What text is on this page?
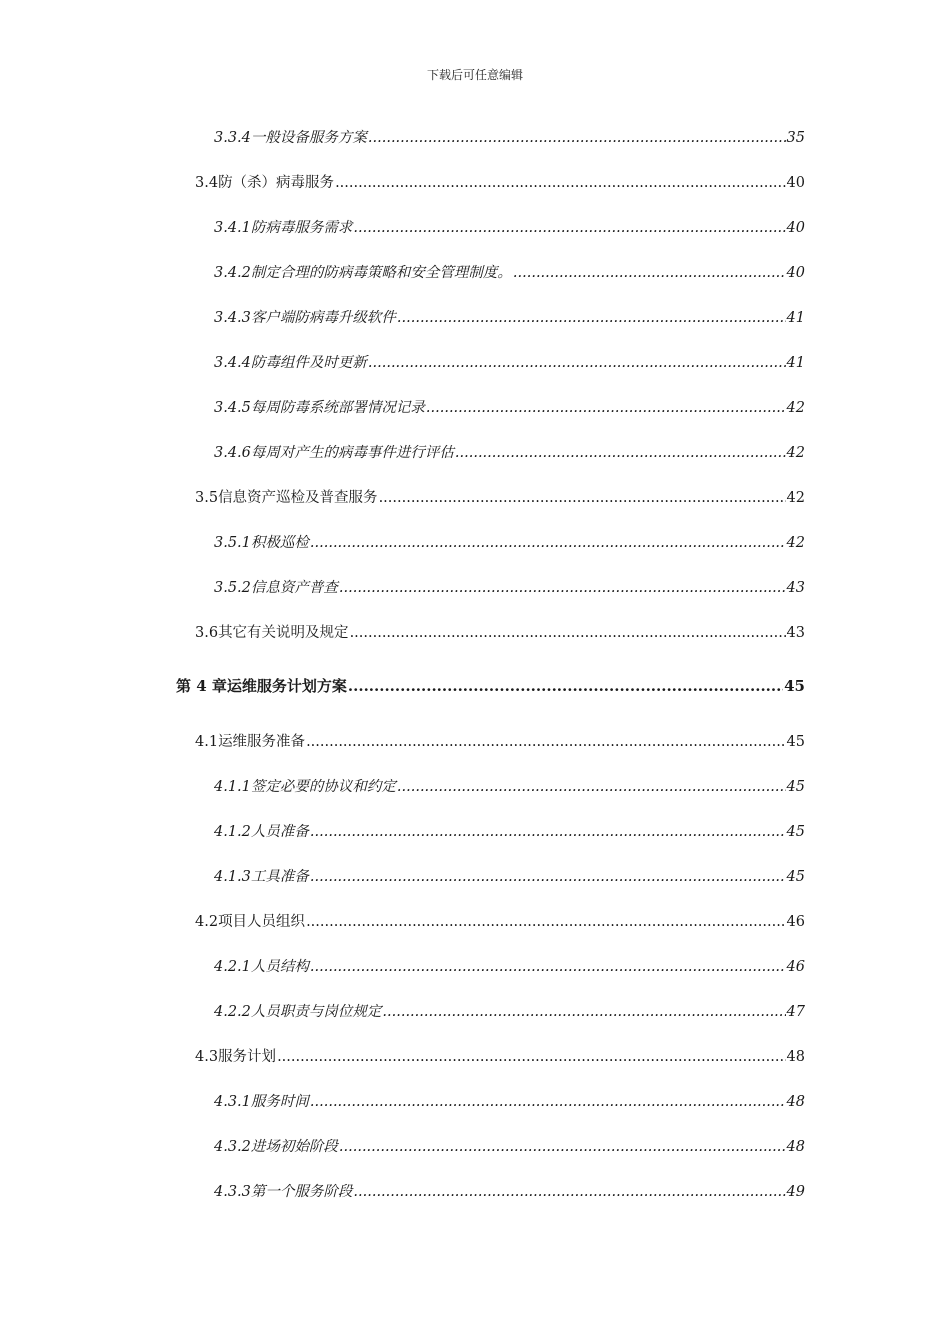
下载后可任意编辑
3.3.4 一般设备服务方案 .....	35
3.4 防（杀）病毒服务 .....	40
3.4.1 防病毒服务需求 .....	40
3.4.2 制定合理的防病毒策略和安全管理制度。 .....	40
3.4.3 客户端防病毒升级软件 .....	41
3.4.4 防毒组件及时更新 .....	41
3.4.5 每周防毒系统部署情况记录 .....	42
3.4.6 每周对产生的病毒事件进行评估 .....	42
3.5 信息资产巡检及普查服务 .....	42
3.5.1 积极巡检 .....	42
3.5.2 信息资产普查 .....	43
3.6 其它有关说明及规定 .....	43
第 4 章 运维服务计划方案 .....	45
4.1 运维服务准备 .....	45
4.1.1 签定必要的协议和约定 .....	45
4.1.2 人员准备 .....	45
4.1.3 工具准备 .....	45
4.2 项目人员组织 .....	46
4.2.1 人员结构 .....	46
4.2.2 人员职责与岗位规定 .....	47
4.3 服务计划 .....	48
4.3.1 服务时间 .....	48
4.3.2 进场初始阶段 .....	48
4.3.3 第一个服务阶段 .....	49
